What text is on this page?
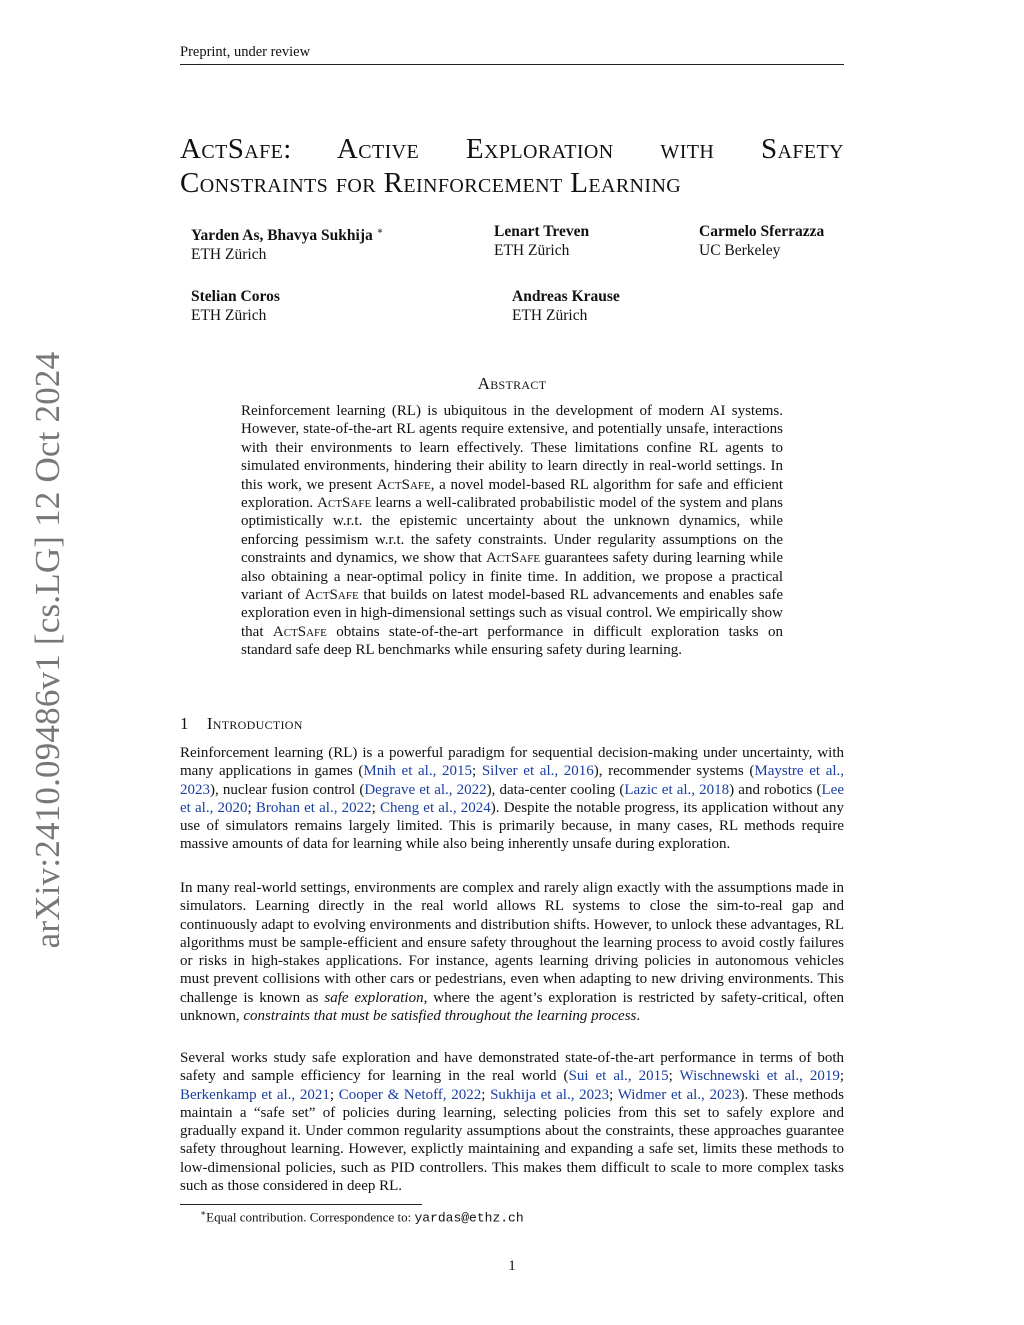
Preprint, under review
arXiv:2410.09486v1 [cs.LG] 12 Oct 2024
ActSafe: Active Exploration with Safety
Constraints for Reinforcement Learning
Yarden As, Bhavya Sukhija ∗
ETH Zürich
Lenart Treven
ETH Zürich
Carmelo Sferrazza
UC Berkeley
Stelian Coros
ETH Zürich
Andreas Krause
ETH Zürich
Abstract
Reinforcement learning (RL) is ubiquitous in the development of modern AI systems. However, state-of-the-art RL agents require extensive, and potentially unsafe, interactions with their environments to learn effectively. These limitations confine RL agents to simulated environments, hindering their ability to learn directly in real-world settings. In this work, we present ActSafe, a novel model-based RL algorithm for safe and efficient exploration. ActSafe learns a well-calibrated probabilistic model of the system and plans optimistically w.r.t. the epistemic uncertainty about the unknown dynamics, while enforcing pessimism w.r.t. the safety constraints. Under regularity assumptions on the constraints and dynamics, we show that ActSafe guarantees safety during learning while also obtaining a near-optimal policy in finite time. In addition, we propose a practical variant of ActSafe that builds on latest model-based RL advancements and enables safe exploration even in high-dimensional settings such as visual control. We empirically show that ActSafe obtains state-of-the-art performance in difficult exploration tasks on standard safe deep RL benchmarks while ensuring safety during learning.
1 Introduction
Reinforcement learning (RL) is a powerful paradigm for sequential decision-making under uncertainty, with many applications in games (Mnih et al., 2015; Silver et al., 2016), recommender systems (Maystre et al., 2023), nuclear fusion control (Degrave et al., 2022), data-center cooling (Lazic et al., 2018) and robotics (Lee et al., 2020; Brohan et al., 2022; Cheng et al., 2024). Despite the notable progress, its application without any use of simulators remains largely limited. This is primarily because, in many cases, RL methods require massive amounts of data for learning while also being inherently unsafe during exploration.
In many real-world settings, environments are complex and rarely align exactly with the assumptions made in simulators. Learning directly in the real world allows RL systems to close the sim-to-real gap and continuously adapt to evolving environments and distribution shifts. However, to unlock these advantages, RL algorithms must be sample-efficient and ensure safety throughout the learning process to avoid costly failures or risks in high-stakes applications. For instance, agents learning driving policies in autonomous vehicles must prevent collisions with other cars or pedestrians, even when adapting to new driving environments. This challenge is known as safe exploration, where the agent’s exploration is restricted by safety-critical, often unknown, constraints that must be satisfied throughout the learning process.
Several works study safe exploration and have demonstrated state-of-the-art performance in terms of both safety and sample efficiency for learning in the real world (Sui et al., 2015; Wischnewski et al., 2019; Berkenkamp et al., 2021; Cooper & Netoff, 2022; Sukhija et al., 2023; Widmer et al., 2023). These methods maintain a “safe set” of policies during learning, selecting policies from this set to safely explore and gradually expand it. Under common regularity assumptions about the constraints, these approaches guarantee safety throughout learning. However, explictly maintaining and expanding a safe set, limits these methods to low-dimensional policies, such as PID controllers. This makes them difficult to scale to more complex tasks such as those considered in deep RL.
∗Equal contribution. Correspondence to: yardas@ethz.ch
1
